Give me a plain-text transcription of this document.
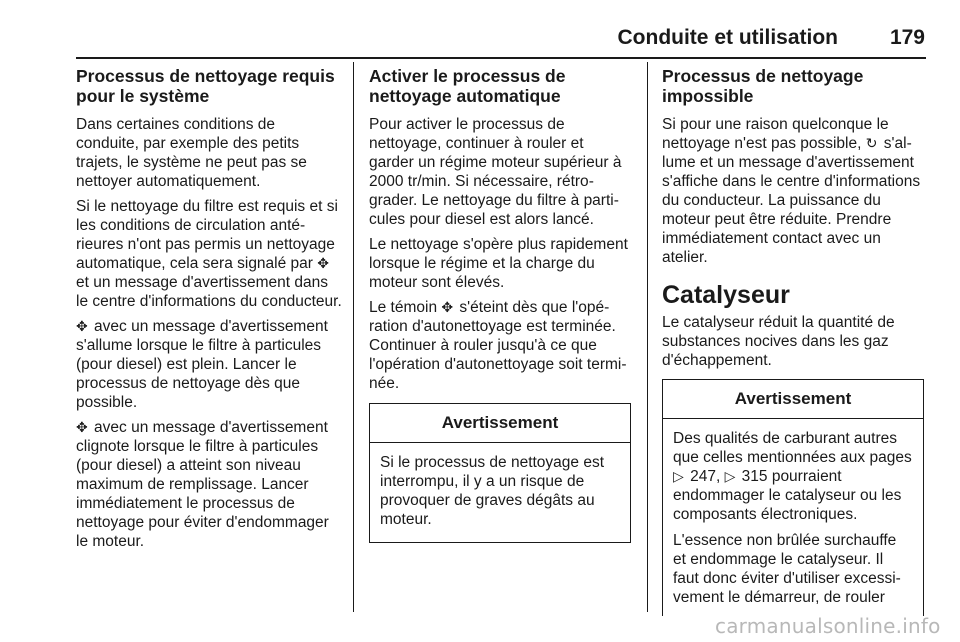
Conduite et utilisation	179
Processus de nettoyage requis pour le système

Dans certaines conditions de conduite, par exemple des petits trajets, le système ne peut pas se nettoyer automatiquement.

Si le nettoyage du filtre est requis et si les conditions de circulation antérieures n'ont pas permis un nettoyage automatique, cela sera signalé par ✥ et un message d'avertissement dans le centre d'informations du conducteur.

✥ avec un message d'avertissement s'allume lorsque le filtre à particules (pour diesel) est plein. Lancer le processus de nettoyage dès que possible.

✥ avec un message d'avertissement clignote lorsque le filtre à particules (pour diesel) a atteint son niveau maximum de remplissage. Lancer immédiatement le processus de nettoyage pour éviter d'endommager le moteur.

Activer le processus de nettoyage automatique

Pour activer le processus de nettoyage, continuer à rouler et garder un régime moteur supérieur à 2000 tr/min. Si nécessaire, rétrograder. Le nettoyage du filtre à particules pour diesel est alors lancé.

Le nettoyage s'opère plus rapidement lorsque le régime et la charge du moteur sont élevés.

Le témoin ✥ s'éteint dès que l'opération d'autonettoyage est terminée. Continuer à rouler jusqu'à ce que l'opération d'autonettoyage soit terminée.

Avertissement

Si le processus de nettoyage est interrompu, il y a un risque de provoquer de graves dégâts au moteur.

Processus de nettoyage impossible

Si pour une raison quelconque le nettoyage n'est pas possible, ↻ s'allume et un message d'avertissement s'affiche dans le centre d'informations du conducteur. La puissance du moteur peut être réduite. Prendre immédiatement contact avec un atelier.

Catalyseur

Le catalyseur réduit la quantité de substances nocives dans les gaz d'échappement.

Avertissement

Des qualités de carburant autres que celles mentionnées aux pages ▷ 247, ▷ 315 pourraient endommager le catalyseur ou les composants électroniques.

L'essence non brûlée surchauffe et endommage le catalyseur. Il faut donc éviter d'utiliser excessivement le démarreur, de rouler

carmanualsonline.info
